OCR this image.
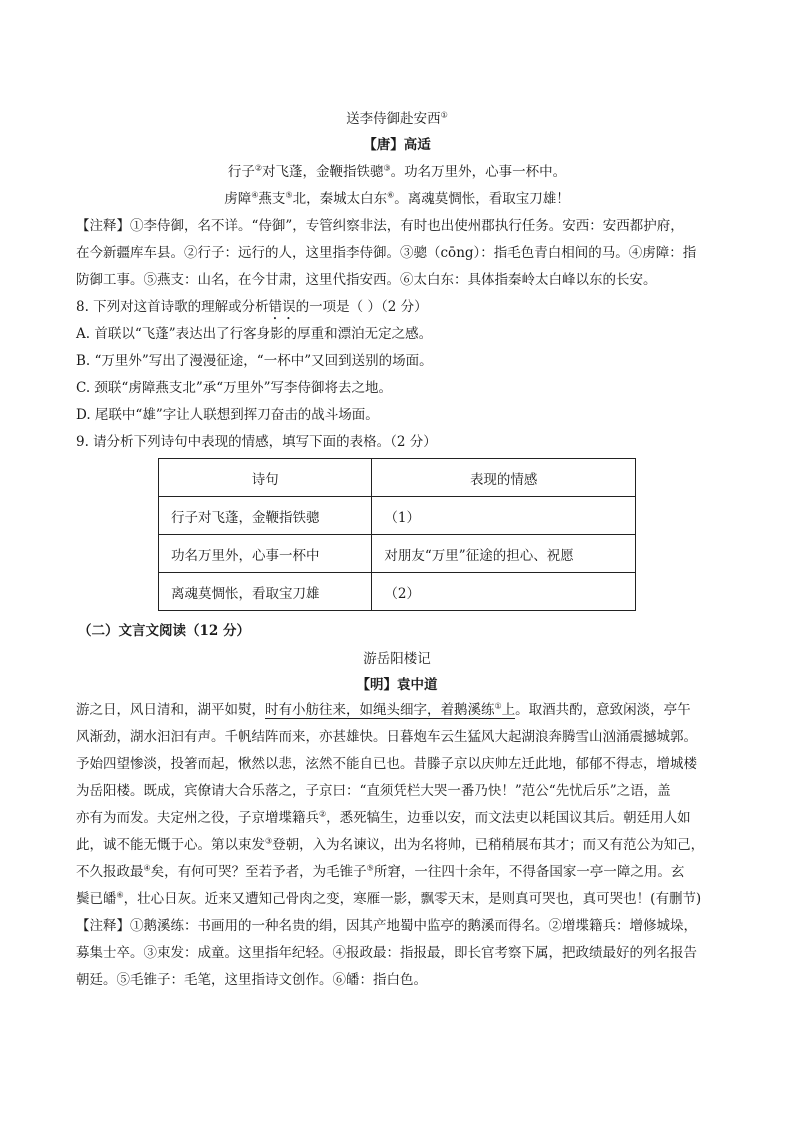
送李侍御赴安西①
【唐】高适
行子②对飞蓬，金鞭指铁骢③。功名万里外，心事一杯中。
虏障④燕支⑤北，秦城太白东⑥。离魂莫惆怅，看取宝刀雄！
【注释】①李侍御，名不详。“侍御”，专管纠察非法，有时也出使州郡执行任务。安西：安西都护府，
在今新疆库车县。②行子：远行的人，这里指李侍御。③骢（cōng）：指毛色青白相间的马。④虏障：指
防御工事。⑤燕支：山名，在今甘肃，这里代指安西。⑥太白东：具体指秦岭太白峰以东的长安。
8. 下列对这首诗歌的理解或分析错误的一项是（ ）（2 分）
A. 首联以“飞蓬”表达出了行客身影的厚重和漂泊无定之感。
B. “万里外”写出了漫漫征途，“一杯中”又回到送别的场面。
C. 颈联“虏障燕支北”承“万里外”写李侍御将去之地。
D. 尾联中“雄”字让人联想到挥刀奋击的战斗场面。
9. 请分析下列诗句中表现的情感，填写下面的表格。（2 分）
诗句	表现的情感
行子对飞蓬，金鞭指铁骢	（1）
功名万里外，心事一杯中	对朋友“万里”征途的担心、祝愿
离魂莫惆怅，看取宝刀雄	（2）
（二）文言文阅读（12 分）
游岳阳楼记
【明】袁中道
游之日，风日清和，湖平如熨，时有小舫往来，如绳头细字，着鹅溪练①上。取酒共酌，意致闲淡，亭午
风渐劲，湖水汩汩有声。千帆结阵而来，亦甚雄快。日暮炮车云生猛风大起湖浪奔腾雪山汹涌震撼城郭。
予始四望惨淡，投箸而起，愀然以悲，泫然不能自已也。昔滕子京以庆帅左迁此地，郁郁不得志，增城楼
为岳阳楼。既成，宾僚请大合乐落之，子京曰：“直须凭栏大哭一番乃快！”范公“先忧后乐”之语，盖
亦有为而发。夫定州之役，子京增堞籍兵②，悉死犒生，边垂以安，而文法吏以耗国议其后。朝廷用人如
此，诚不能无慨于心。第以束发③登朝，入为名谏议，出为名将帅，已稍稍展布其才；而又有范公为知己，
不久报政最④矣，有何可哭？至若予者，为毛锥子⑤所窘，一往四十余年，不得备国家一亭一障之用。玄
鬓已皤⑥，壮心日灰。近来又遭知己骨肉之变，寒雁一影，飘零天末，是则真可哭也，真可哭也！(有删节)
【注释】①鹅溪练：书画用的一种名贵的绢，因其产地蜀中监亭的鹅溪而得名。②增堞籍兵：增修城垛，
募集士卒。③束发：成童。这里指年纪轻。④报政最：指报最，即长官考察下属，把政绩最好的列名报告
朝廷。⑤毛锥子：毛笔，这里指诗文创作。⑥皤：指白色。
